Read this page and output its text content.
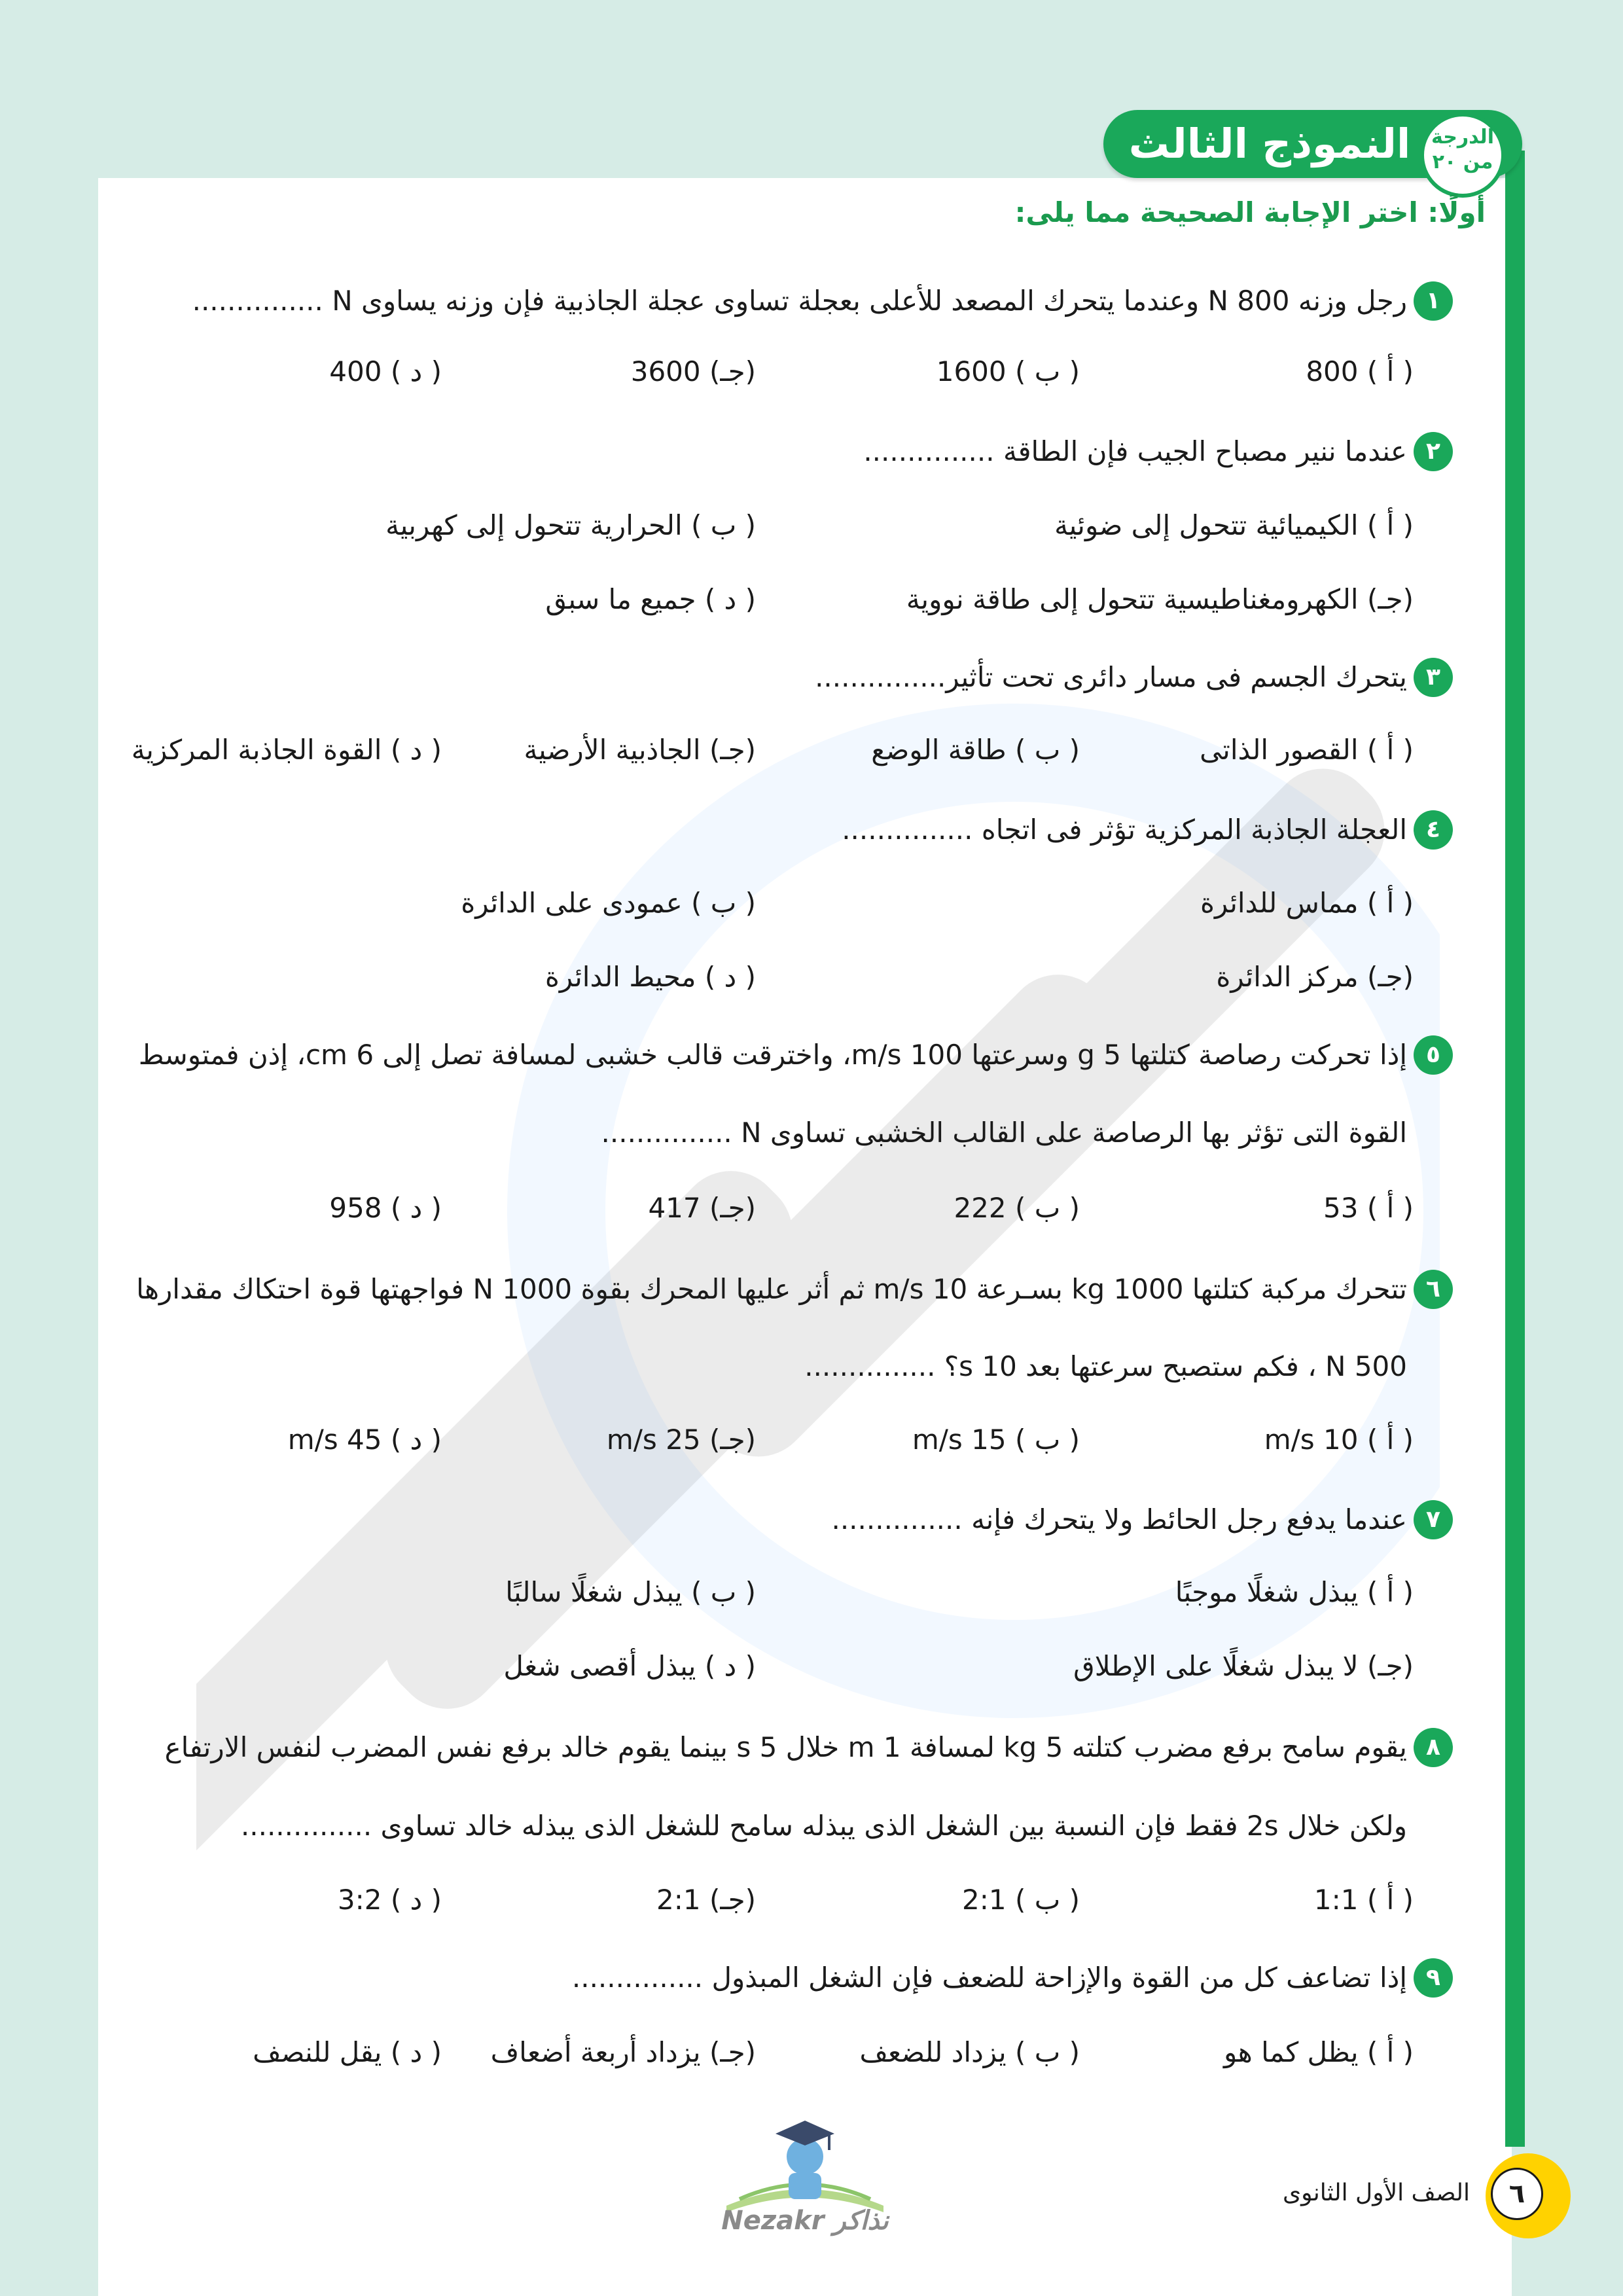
النموذج الثالث	الدرجة
من ٢٠
أولًا: اختر الإجابة الصحيحة مما يلى:
١
رجل وزنه 800 N وعندما يتحرك المصعد للأعلى بعجلة تساوى عجلة الجاذبية فإن وزنه يساوى N ...............
( أ ) 800
( ب ) 1600
(جـ) 3600
( د ) 400
٢
عندما ننير مصباح الجيب فإن الطاقة ...............
( أ ) الكيميائية تتحول إلى ضوئية
( ب ) الحرارية تتحول إلى كهربية
(جـ) الكهرومغناطيسية تتحول إلى طاقة نووية
( د ) جميع ما سبق
٣
يتحرك الجسم فى مسار دائرى تحت تأثير...............
( أ ) القصور الذاتى
( ب ) طاقة الوضع
(جـ) الجاذبية الأرضية
( د ) القوة الجاذبة المركزية
٤
العجلة الجاذبة المركزية تؤثر فى اتجاه ...............
( أ ) مماس للدائرة
( ب ) عمودى على الدائرة
(جـ) مركز الدائرة
( د ) محيط الدائرة
٥
إذا تحركت رصاصة كتلتها 5 g وسرعتها 100 m/s، واخترقت قالب خشبى لمسافة تصل إلى 6 cm، إذن فمتوسط
القوة التى تؤثر بها الرصاصة على القالب الخشبى تساوى N ...............
( أ ) 53
( ب ) 222
(جـ) 417
( د ) 958
٦
تتحرك مركبة كتلتها 1000 kg بسـرعة 10 m/s ثم أثر عليها المحرك بقوة 1000 N فواجهتها قوة احتكاك مقدارها
500 N ، فكم ستصبح سرعتها بعد 10 s؟ ...............
( أ ) 10 m/s
( ب ) 15 m/s
(جـ) 25 m/s
( د ) 45 m/s
٧
عندما يدفع رجل الحائط ولا يتحرك فإنه ...............
( أ ) يبذل شغلًا موجبًا
( ب ) يبذل شغلًا سالبًا
(جـ) لا يبذل شغلًا على الإطلاق
( د ) يبذل أقصى شغل
٨
يقوم سامح برفع مضرب كتلته 5 kg لمسافة 1 m خلال 5 s بينما يقوم خالد برفع نفس المضرب لنفس الارتفاع
ولكن خلال 2s فقط فإن النسبة بين الشغل الذى يبذله سامح للشغل الذى يبذله خالد تساوى ...............
( أ ) 1:1
( ب ) 2:1
(جـ) 2:1
( د ) 3:2
٩
إذا تضاعف كل من القوة والإزاحة للضعف فإن الشغل المبذول ...............
( أ ) يظل كما هو
( ب ) يزداد للضعف
(جـ) يزداد أربعة أضعاف
( د ) يقل للنصف
Nezakr نذاكر
الصف الأول الثانوى	٦
